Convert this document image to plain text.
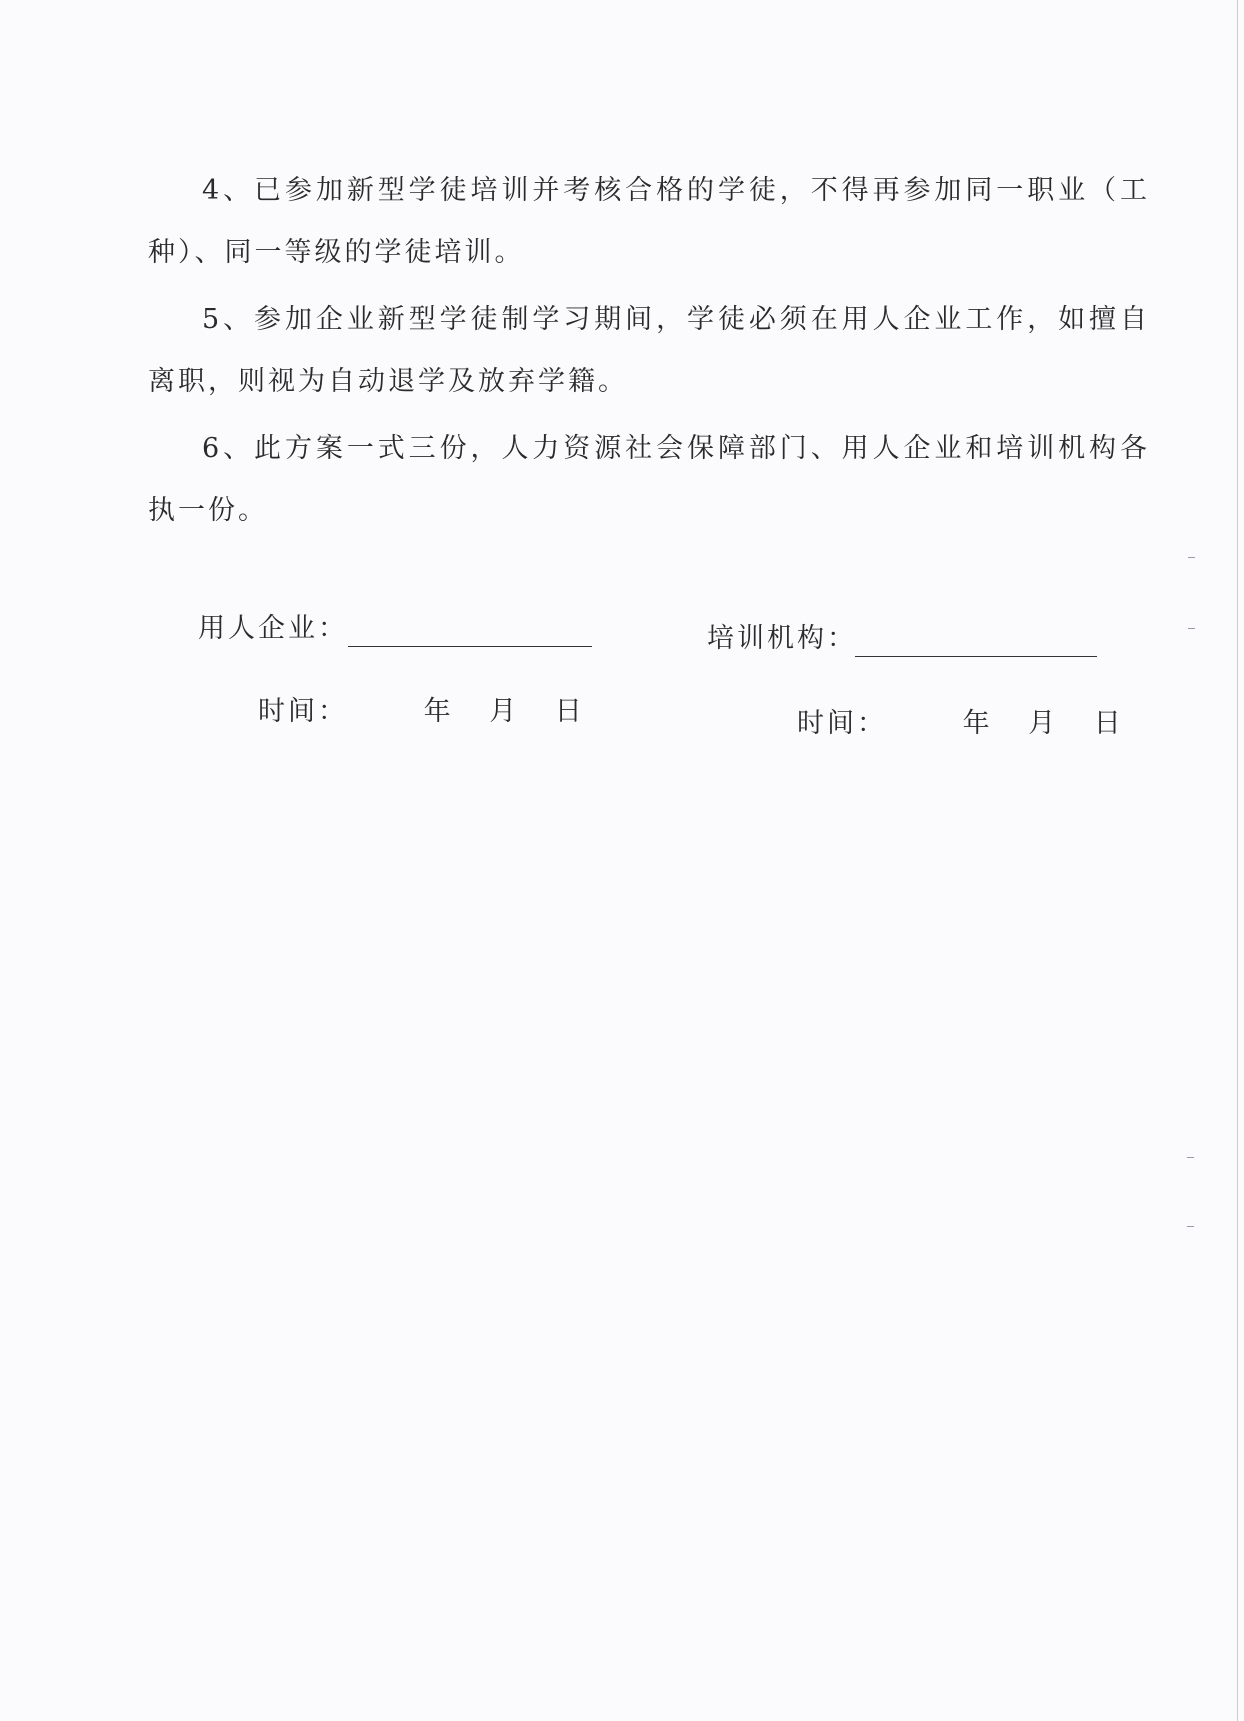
4、已参加新型学徒培训并考核合格的学徒，不得再参加同一职业（工种）、同一等级的学徒培训。
5、参加企业新型学徒制学习期间，学徒必须在用人企业工作，如擅自离职，则视为自动退学及放弃学籍。
6、此方案一式三份，人力资源社会保障部门、用人企业和培训机构各执一份。
用人企业：
时间：	年 月 日
培训机构：
时间：	年 月 日
